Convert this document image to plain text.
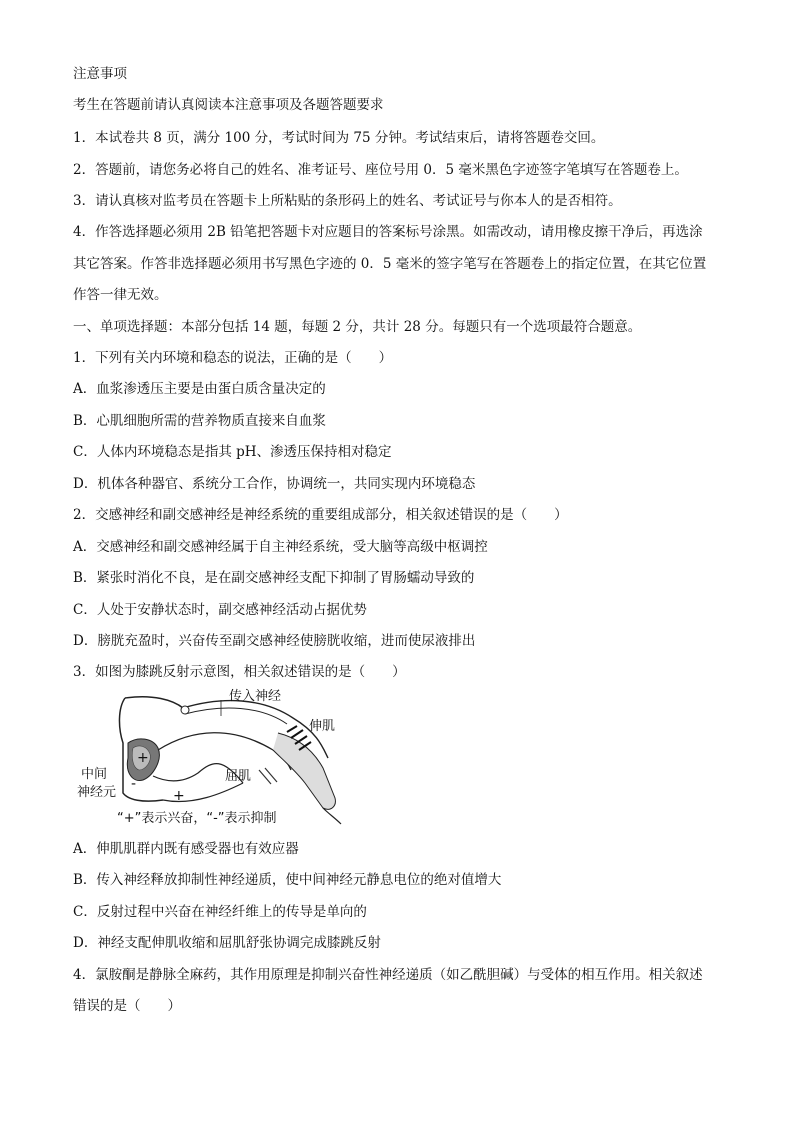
注意事项
考生在答题前请认真阅读本注意事项及各题答题要求
1．本试卷共 8 页，满分 100 分，考试时间为 75 分钟。考试结束后，请将答题卷交回。
2．答题前，请您务必将自己的姓名、准考证号、座位号用 0．5 毫米黑色字迹签字笔填写在答题卷上。
3．请认真核对监考员在答题卡上所粘贴的条形码上的姓名、考试证号与你本人的是否相符。
4．作答选择题必须用 2B 铅笔把答题卡对应题目的答案标号涂黑。如需改动，请用橡皮擦干净后，再选涂
其它答案。作答非选择题必须用书写黑色字迹的 0．5 毫米的签字笔写在答题卷上的指定位置，在其它位置
作答一律无效。
一、单项选择题：本部分包括 14 题，每题 2 分，共计 28 分。每题只有一个选项最符合题意。
1．下列有关内环境和稳态的说法，正确的是（　　）
A．血浆渗透压主要是由蛋白质含量决定的
B．心肌细胞所需的营养物质直接来自血浆
C．人体内环境稳态是指其 pH、渗透压保持相对稳定
D．机体各种器官、系统分工合作，协调统一，共同实现内环境稳态
2．交感神经和副交感神经是神经系统的重要组成部分，相关叙述错误的是（　　）
A．交感神经和副交感神经属于自主神经系统，受大脑等高级中枢调控
B．紧张时消化不良，是在副交感神经支配下抑制了胃肠蠕动导致的
C．人处于安静状态时，副交感神经活动占据优势
D．膀胱充盈时，兴奋传至副交感神经使膀胱收缩，进而使尿液排出
3．如图为膝跳反射示意图，相关叙述错误的是（　　）
传入神经
伸肌
屈肌
中间
神经元
+
+
-
“+”表示兴奋，“-”表示抑制
A．伸肌肌群内既有感受器也有效应器
B．传入神经释放抑制性神经递质，使中间神经元静息电位的绝对值增大
C．反射过程中兴奋在神经纤维上的传导是单向的
D．神经支配伸肌收缩和屈肌舒张协调完成膝跳反射
4．氯胺酮是静脉全麻药，其作用原理是抑制兴奋性神经递质（如乙酰胆碱）与受体的相互作用。相关叙述
错误的是（　　）
